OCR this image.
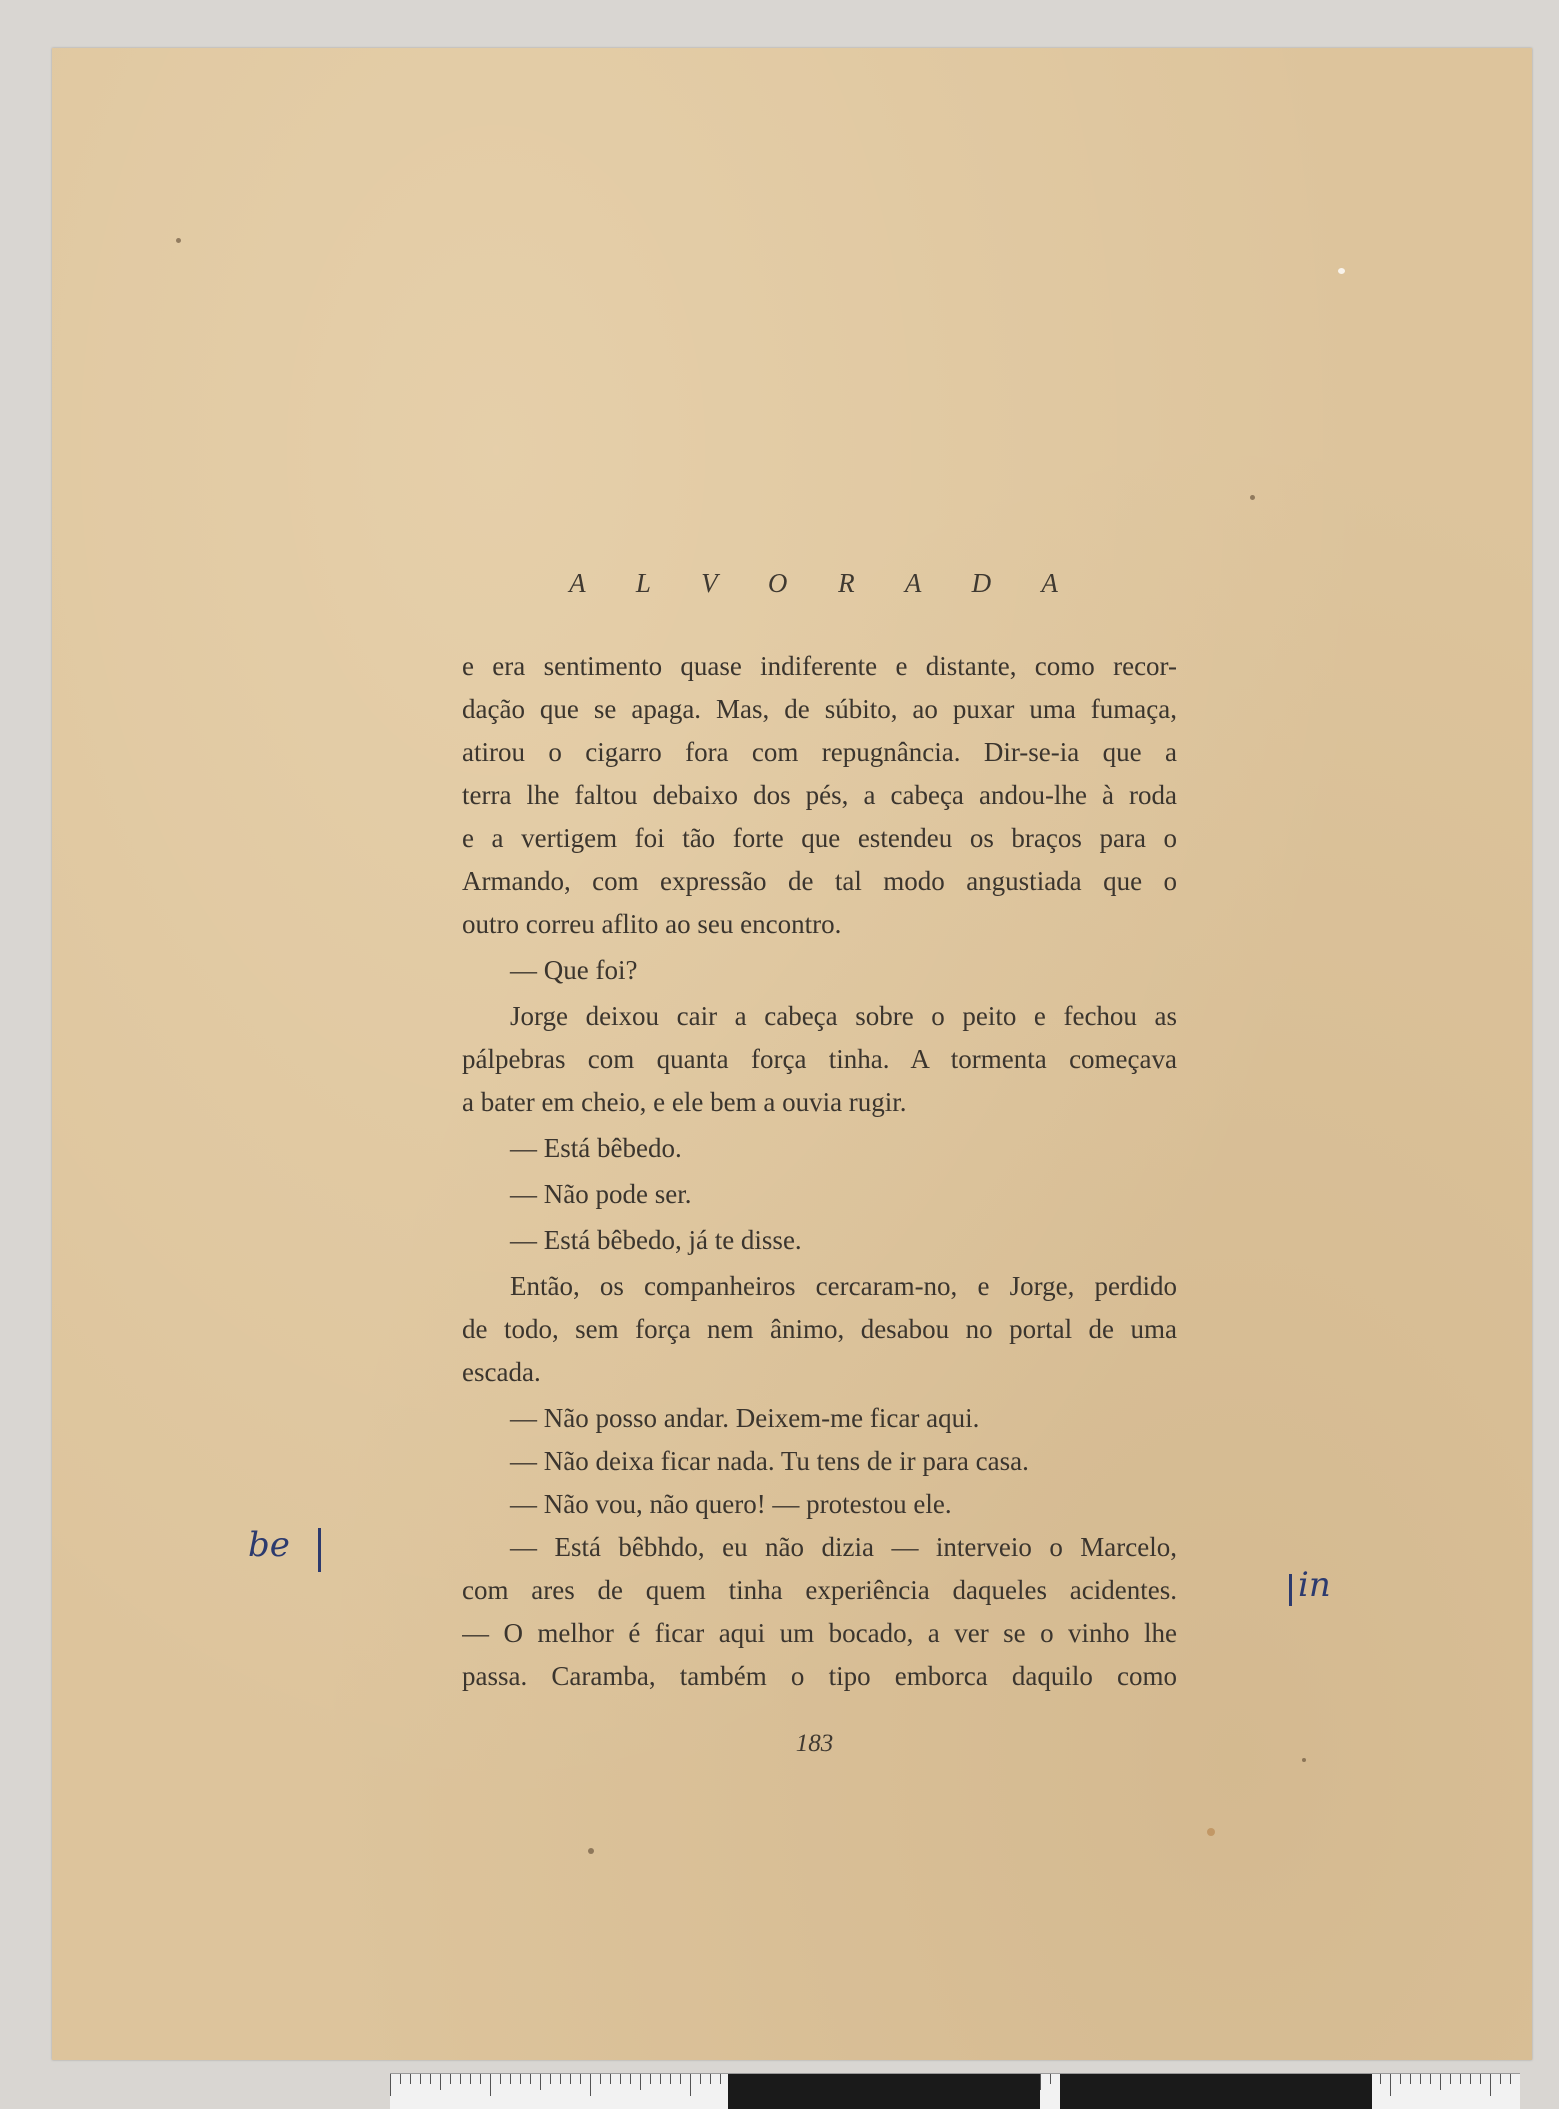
A L V O R A D A
e era sentimento quase indiferente e distante, como recor-
dação que se apaga. Mas, de súbito, ao puxar uma fumaça,
atirou o cigarro fora com repugnância. Dir-se-ia que a
terra lhe faltou debaixo dos pés, a cabeça andou-lhe à roda
e a vertigem foi tão forte que estendeu os braços para o
Armando, com expressão de tal modo angustiada que o
outro correu aflito ao seu encontro.
— Que foi?
Jorge deixou cair a cabeça sobre o peito e fechou as
pálpebras com quanta força tinha. A tormenta começava
a bater em cheio, e ele bem a ouvia rugir.
— Está bêbedo.
— Não pode ser.
— Está bêbedo, já te disse.
Então, os companheiros cercaram-no, e Jorge, perdido
de todo, sem força nem ânimo, desabou no portal de uma
escada.
— Não posso andar. Deixem-me ficar aqui.
— Não deixa ficar nada. Tu tens de ir para casa.
— Não vou, não quero! — protestou ele.
— Está bêbhdo, eu não dizia — interveio o Marcelo,
com ares de quem tinha experiência daqueles acidentes.
— O melhor é ficar aqui um bocado, a ver se o vinho lhe
passa. Caramba, também o tipo emborca daquilo como
183
be
in
